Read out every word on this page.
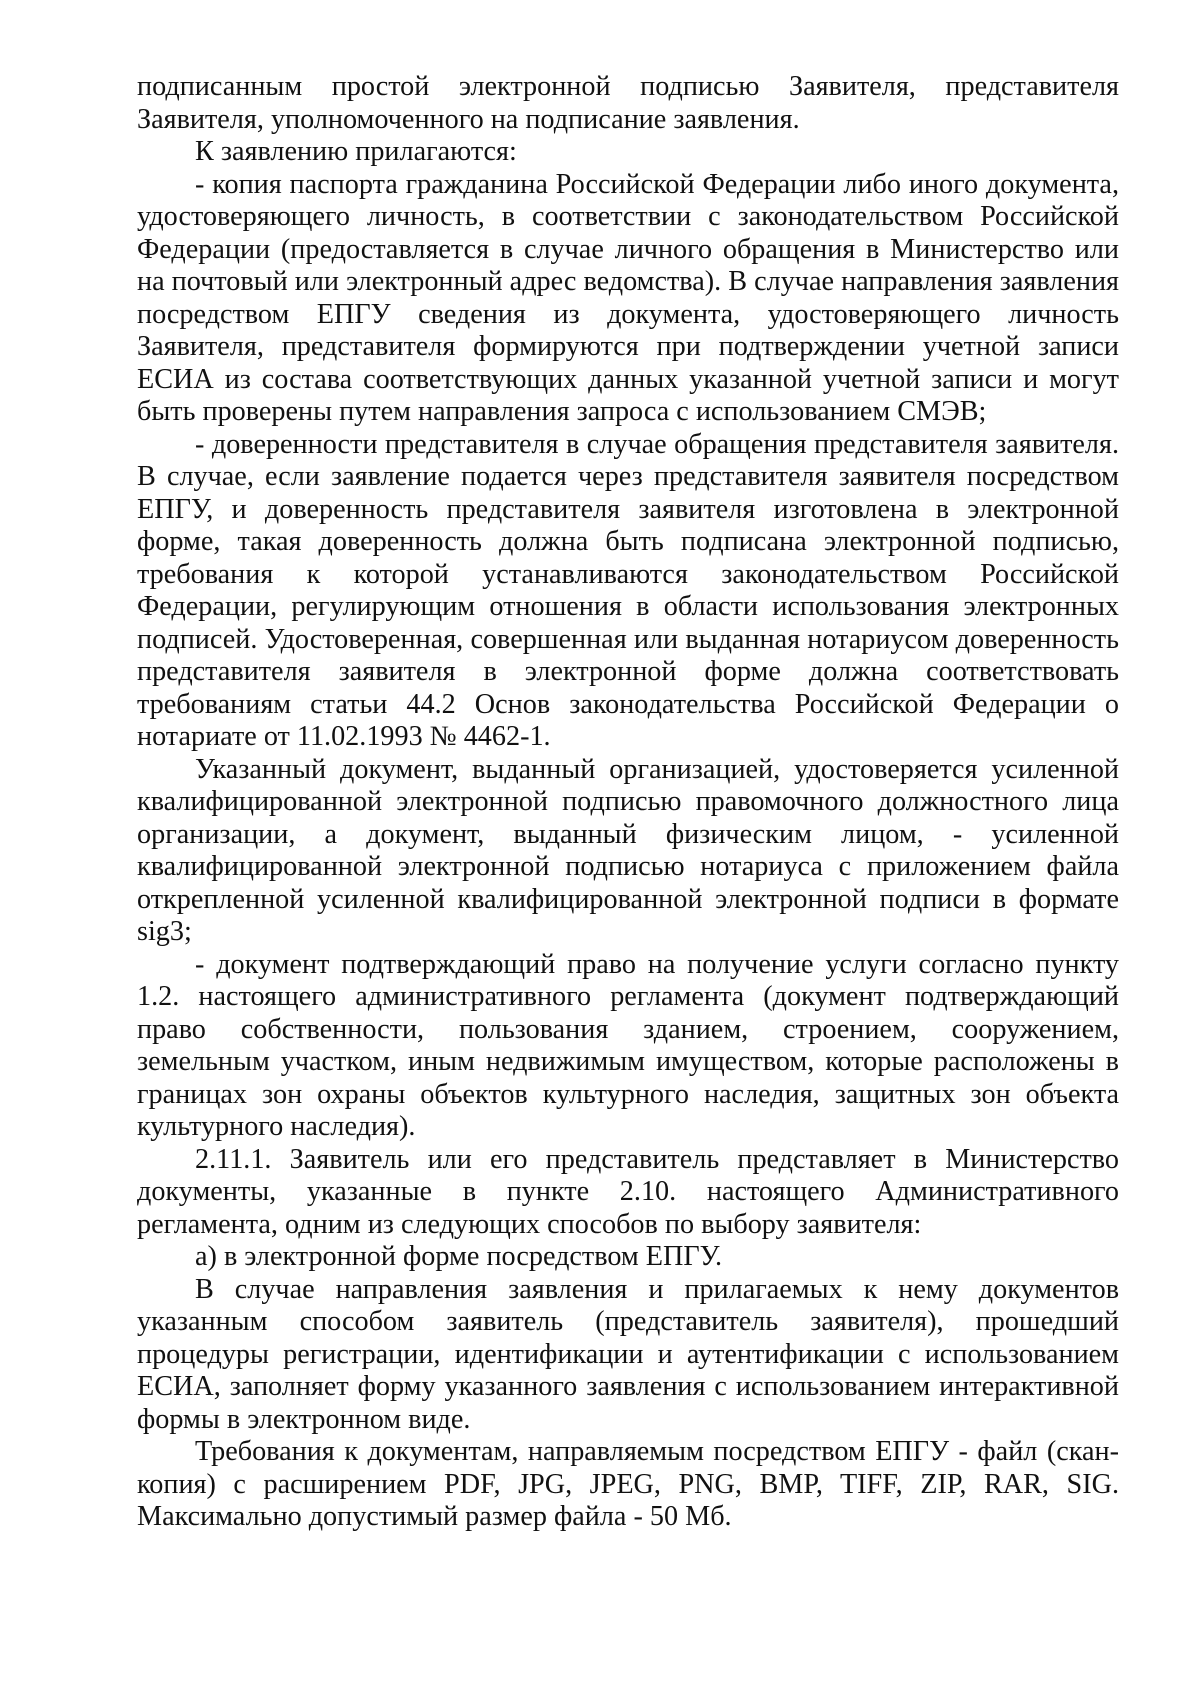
подписанным простой электронной подписью Заявителя, представителя Заявителя, уполномоченного на подписание заявления.

К заявлению прилагаются:

- копия паспорта гражданина Российской Федерации либо иного документа, удостоверяющего личность, в соответствии с законодательством Российской Федерации (предоставляется в случае личного обращения в Министерство или на почтовый или электронный адрес ведомства). В случае направления заявления посредством ЕПГУ сведения из документа, удостоверяющего личность Заявителя, представителя формируются при подтверждении учетной записи ЕСИА из состава соответствующих данных указанной учетной записи и могут быть проверены путем направления запроса с использованием СМЭВ;

- доверенности представителя в случае обращения представителя заявителя. В случае, если заявление подается через представителя заявителя посредством ЕПГУ, и доверенность представителя заявителя изготовлена в электронной форме, такая доверенность должна быть подписана электронной подписью, требования к которой устанавливаются законодательством Российской Федерации, регулирующим отношения в области использования электронных подписей. Удостоверенная, совершенная или выданная нотариусом доверенность представителя заявителя в электронной форме должна соответствовать требованиям статьи 44.2 Основ законодательства Российской Федерации о нотариате от 11.02.1993 № 4462-1.

Указанный документ, выданный организацией, удостоверяется усиленной квалифицированной электронной подписью правомочного должностного лица организации, а документ, выданный физическим лицом, - усиленной квалифицированной электронной подписью нотариуса с приложением файла открепленной усиленной квалифицированной электронной подписи в формате sig3;

- документ подтверждающий право на получение услуги согласно пункту 1.2. настоящего административного регламента (документ подтверждающий право собственности, пользования зданием, строением, сооружением, земельным участком, иным недвижимым имуществом, которые расположены в границах зон охраны объектов культурного наследия, защитных зон объекта культурного наследия).

2.11.1. Заявитель или его представитель представляет в Министерство документы, указанные в пункте 2.10. настоящего Административного регламента, одним из следующих способов по выбору заявителя:

а) в электронной форме посредством ЕПГУ.

В случае направления заявления и прилагаемых к нему документов указанным способом заявитель (представитель заявителя), прошедший процедуры регистрации, идентификации и аутентификации с использованием ЕСИА, заполняет форму указанного заявления с использованием интерактивной формы в электронном виде.

Требования к документам, направляемым посредством ЕПГУ - файл (скан-копия) с расширением PDF, JPG, JPEG, PNG, BMP, TIFF, ZIP, RAR, SIG. Максимально допустимый размер файла - 50 Мб.
